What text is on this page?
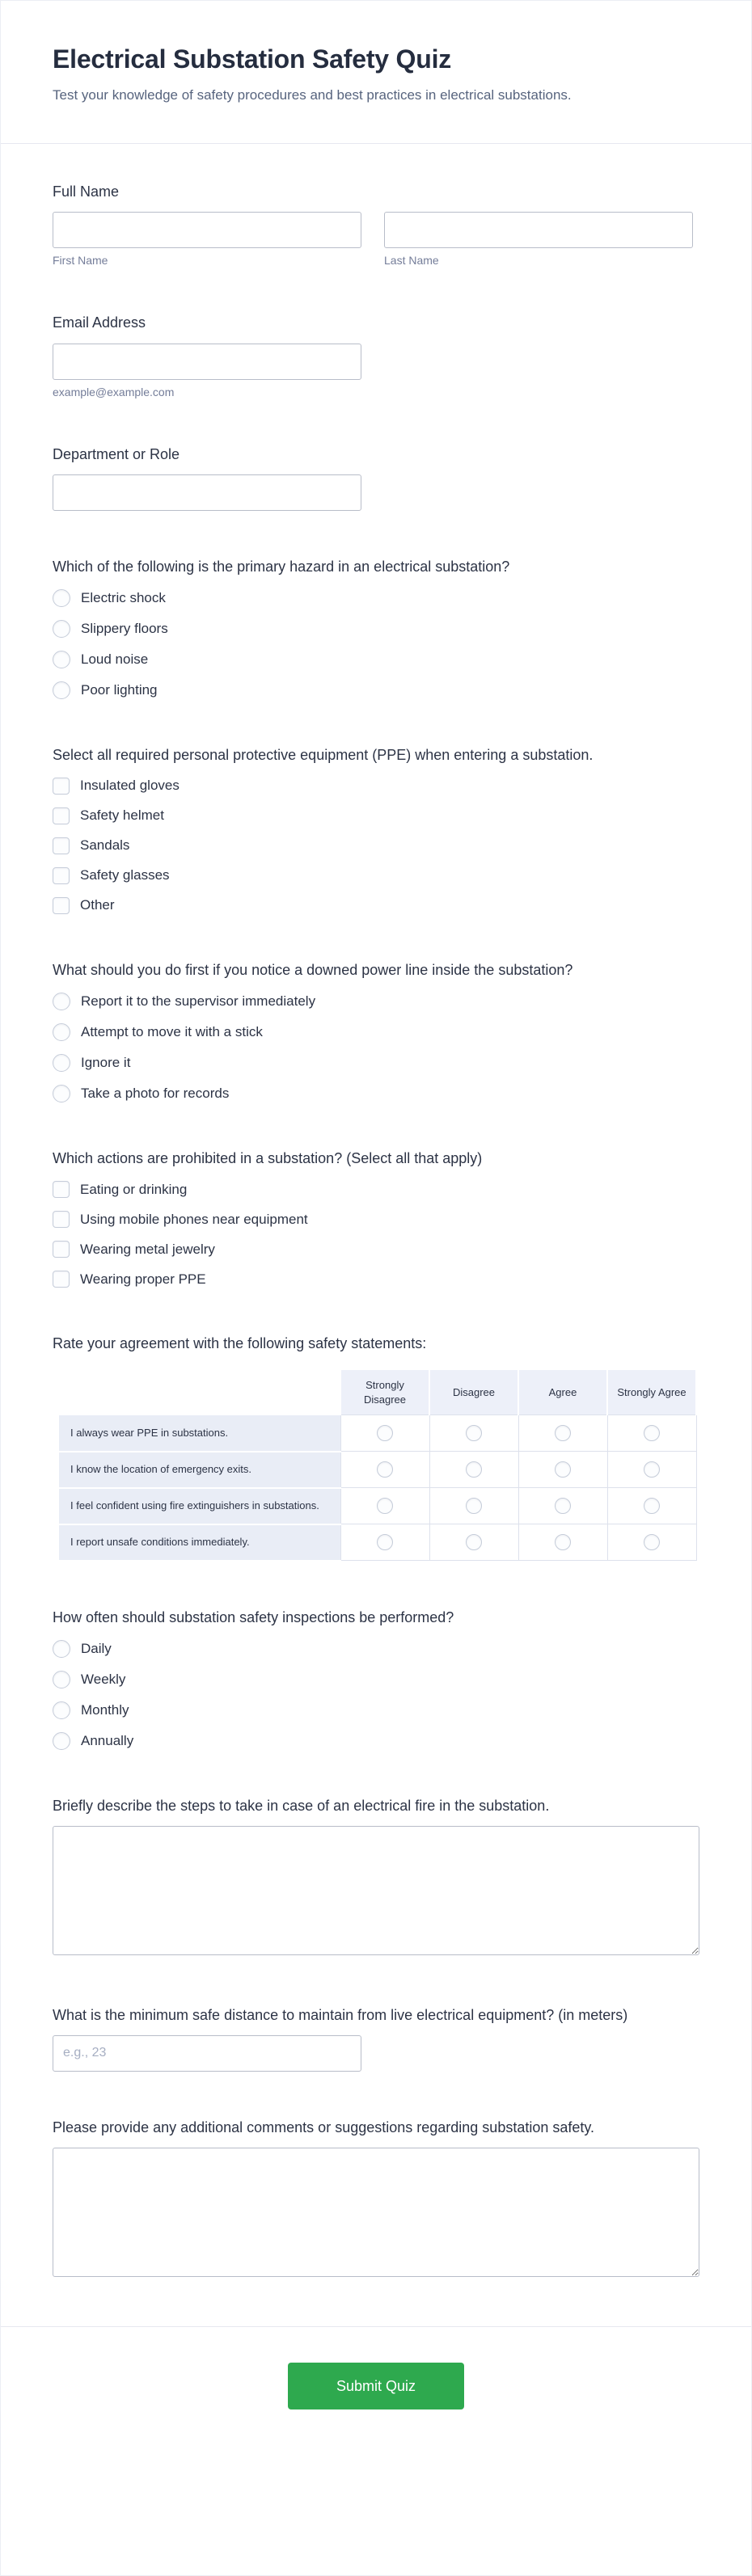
Electrical Substation Safety Quiz

Test your knowledge of safety procedures and best practices in electrical substations.

Full Name
First Name	Last Name
Email Address
example@example.com
Department or Role
Which of the following is the primary hazard in an electrical substation?
Electric shock
Slippery floors
Loud noise
Poor lighting
Select all required personal protective equipment (PPE) when entering a substation.
Insulated gloves
Safety helmet
Sandals
Safety glasses
Other
What should you do first if you notice a downed power line inside the substation?
Report it to the supervisor immediately
Attempt to move it with a stick
Ignore it
Take a photo for records
Which actions are prohibited in a substation? (Select all that apply)
Eating or drinking
Using mobile phones near equipment
Wearing metal jewelry
Wearing proper PPE
Rate your agreement with the following safety statements:
	Strongly Disagree	Disagree	Agree	Strongly Agree
I always wear PPE in substations.				
I know the location of emergency exits.				
I feel confident using fire extinguishers in substations.				
I report unsafe conditions immediately.				
How often should substation safety inspections be performed?
Daily
Weekly
Monthly
Annually
Briefly describe the steps to take in case of an electrical fire in the substation.
What is the minimum safe distance to maintain from live electrical equipment? (in meters)
e.g., 23
Please provide any additional comments or suggestions regarding substation safety.
Submit Quiz
